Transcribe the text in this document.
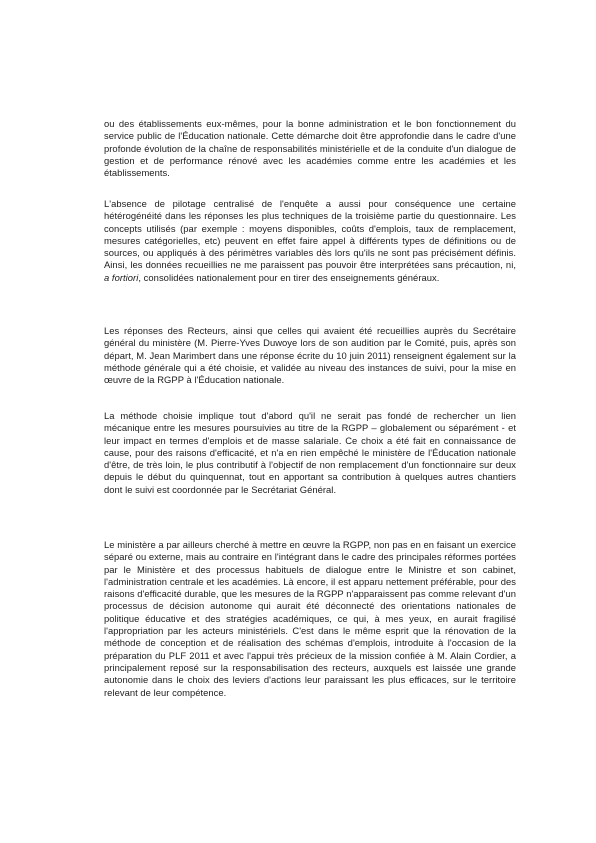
ou des établissements eux-mêmes, pour la bonne administration et le bon fonctionnement du service public de l'Éducation nationale. Cette démarche doit être approfondie dans le cadre d'une profonde évolution de la chaîne de responsabilités ministérielle et de la conduite d'un dialogue de gestion et de performance rénové avec les académies comme entre les académies et les établissements.

L'absence de pilotage centralisé de l'enquête a aussi pour conséquence une certaine hétérogénéité dans les réponses les plus techniques de la troisième partie du questionnaire. Les concepts utilisés (par exemple : moyens disponibles, coûts d'emplois, taux de remplacement, mesures catégorielles, etc) peuvent en effet faire appel à différents types de définitions ou de sources, ou appliqués à des périmètres variables dès lors qu'ils ne sont pas précisément définis. Ainsi, les données recueillies ne me paraissent pas pouvoir être interprétées sans précaution, ni, a fortiori, consolidées nationalement pour en tirer des enseignements généraux.

Les réponses des Recteurs, ainsi que celles qui avaient été recueillies auprès du Secrétaire général du ministère (M. Pierre-Yves Duwoye lors de son audition par le Comité, puis, après son départ, M. Jean Marimbert dans une réponse écrite du 10 juin 2011) renseignent également sur la méthode générale qui a été choisie, et validée au niveau des instances de suivi, pour la mise en œuvre de la RGPP à l'Éducation nationale.

La méthode choisie implique tout d'abord qu'il ne serait pas fondé de rechercher un lien mécanique entre les mesures poursuivies au titre de la RGPP – globalement ou séparément - et leur impact en termes d'emplois et de masse salariale. Ce choix a été fait en connaissance de cause, pour des raisons d'efficacité, et n'a en rien empêché le ministère de l'Éducation nationale d'être, de très loin, le plus contributif à l'objectif de non remplacement d'un fonctionnaire sur deux depuis le début du quinquennat, tout en apportant sa contribution à quelques autres chantiers dont le suivi est coordonnée par le Secrétariat Général.

Le ministère a par ailleurs cherché à mettre en œuvre la RGPP, non pas en en faisant un exercice séparé ou externe, mais au contraire en l'intégrant dans le cadre des principales réformes portées par le Ministère et des processus habituels de dialogue entre le Ministre et son cabinet, l'administration centrale et les académies. Là encore, il est apparu nettement préférable, pour des raisons d'efficacité durable, que les mesures de la RGPP n'apparaissent pas comme relevant d'un processus de décision autonome qui aurait été déconnecté des orientations nationales de politique éducative et des stratégies académiques, ce qui, à mes yeux, en aurait fragilisé l'appropriation par les acteurs ministériels. C'est dans le même esprit que la rénovation de la méthode de conception et de réalisation des schémas d'emplois, introduite à l'occasion de la préparation du PLF 2011 et avec l'appui très précieux de la mission confiée à M. Alain Cordier, a principalement reposé sur la responsabilisation des recteurs, auxquels est laissée une grande autonomie dans le choix des leviers d'actions leur paraissant les plus efficaces, sur le territoire relevant de leur compétence.
